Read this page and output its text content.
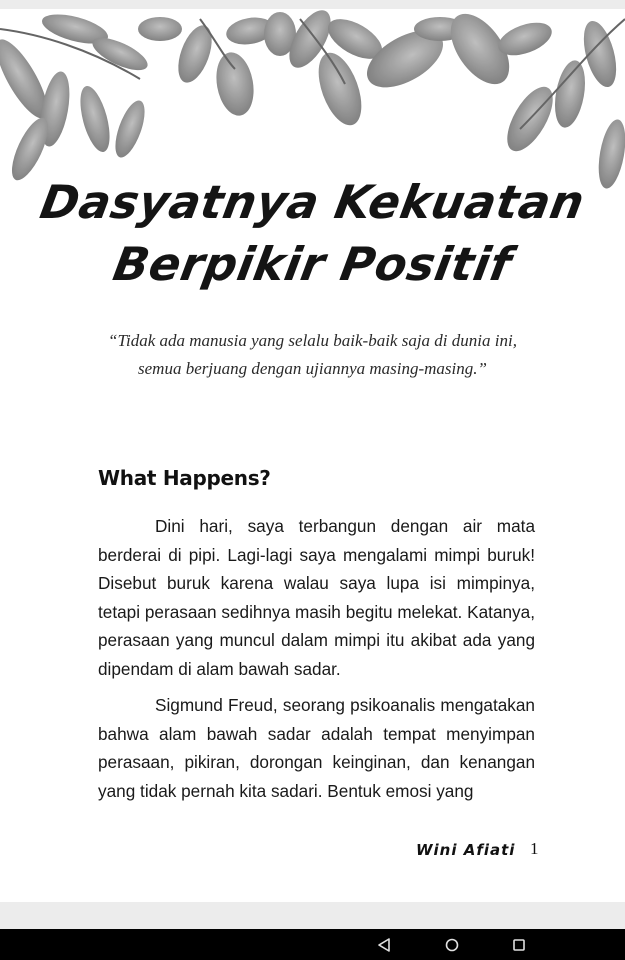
Dasyatnya Kekuatan
Berpikir Positif
“Tidak ada manusia yang selalu baik-baik saja di dunia ini,
semua berjuang dengan ujiannya masing-masing.”
What Happens?
Dini hari, saya terbangun dengan air mata berderai di pipi. Lagi-lagi saya mengalami mimpi buruk! Disebut buruk karena walau saya lupa isi mimpinya, tetapi perasaan sedihnya masih begitu melekat. Katanya, perasaan yang muncul dalam mimpi itu akibat ada yang dipendam di alam bawah sadar.
Sigmund Freud, seorang psikoanalis mengatakan bahwa alam bawah sadar adalah tempat menyimpan perasaan, pikiran, dorongan keinginan, dan kenangan yang tidak pernah kita sadari. Bentuk emosi yang
Wini Afiati 1
